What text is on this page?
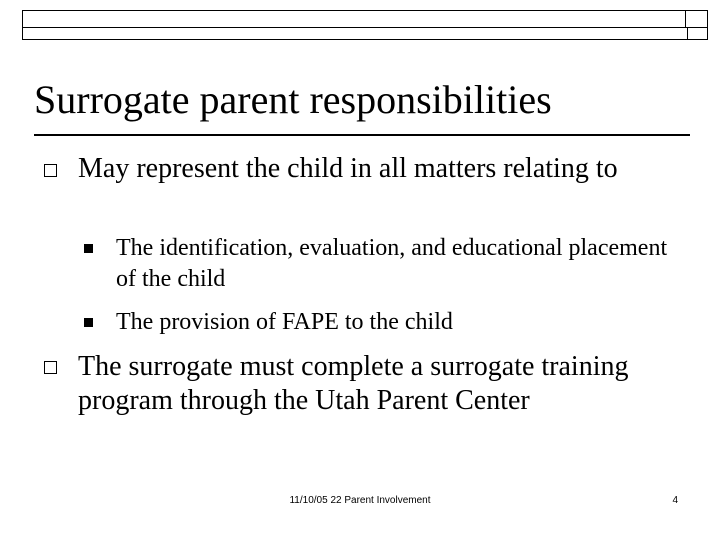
Surrogate parent responsibilities
May represent the child in all matters relating to
The identification, evaluation, and educational placement of the child
The provision of FAPE to the child
The surrogate must complete a surrogate training program through the Utah Parent Center
11/10/05 22 Parent Involvement	4
